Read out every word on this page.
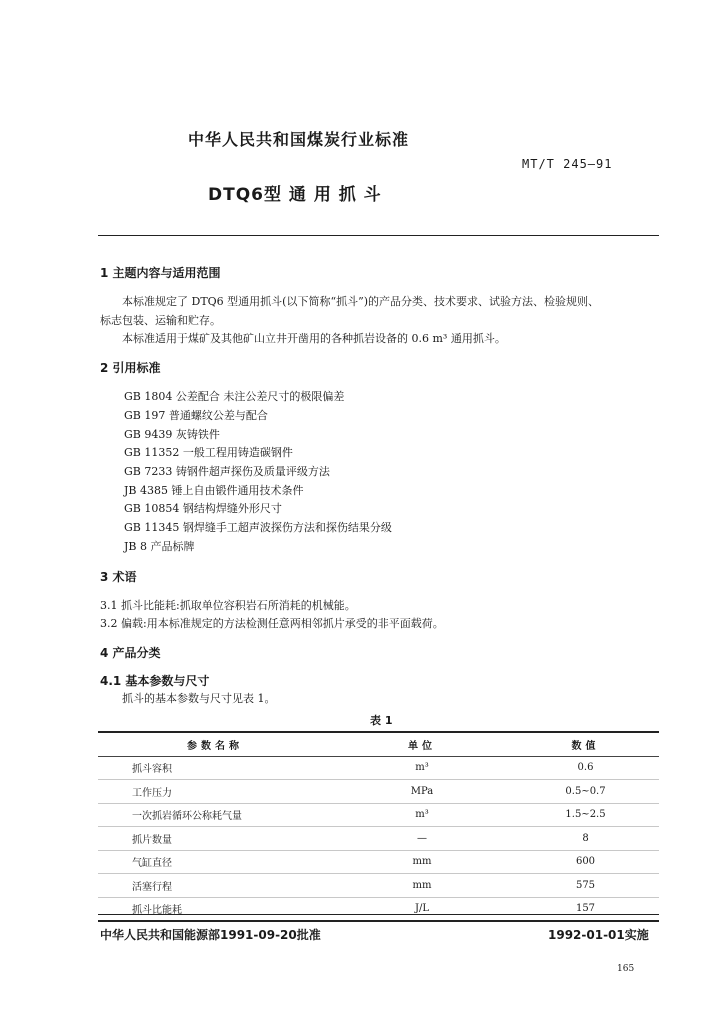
中华人民共和国煤炭行业标准
MT/T 245—91
DTQ6型 通 用 抓 斗
1 主题内容与适用范围
本标准规定了 DTQ6 型通用抓斗(以下简称“抓斗”)的产品分类、技术要求、试验方法、检验规则、
标志包装、运输和贮存。
本标准适用于煤矿及其他矿山立井开凿用的各种抓岩设备的 0.6 m³ 通用抓斗。
2 引用标准
GB 1804 公差配合 未注公差尺寸的极限偏差
GB 197 普通螺纹公差与配合
GB 9439 灰铸铁件
GB 11352 一般工程用铸造碳钢件
GB 7233 铸钢件超声探伤及质量评级方法
JB 4385 锤上自由锻件通用技术条件
GB 10854 钢结构焊缝外形尺寸
GB 11345 钢焊缝手工超声波探伤方法和探伤结果分级
JB 8 产品标牌
3 术语
3.1 抓斗比能耗:抓取单位容积岩石所消耗的机械能。
3.2 偏载:用本标准规定的方法检测任意两相邻抓片承受的非平面载荷。
4 产品分类
4.1 基本参数与尺寸
抓斗的基本参数与尺寸见表 1。
表 1
参数名称	单位	数值
抓斗容积	m³	0.6
工作压力	MPa	0.5~0.7
一次抓岩循环公称耗气量	m³	1.5~2.5
抓片数量	—	8
气缸直径	mm	600
活塞行程	mm	575
抓斗比能耗	J/L	157
中华人民共和国能源部1991-09-20批准	1992-01-01实施
165
